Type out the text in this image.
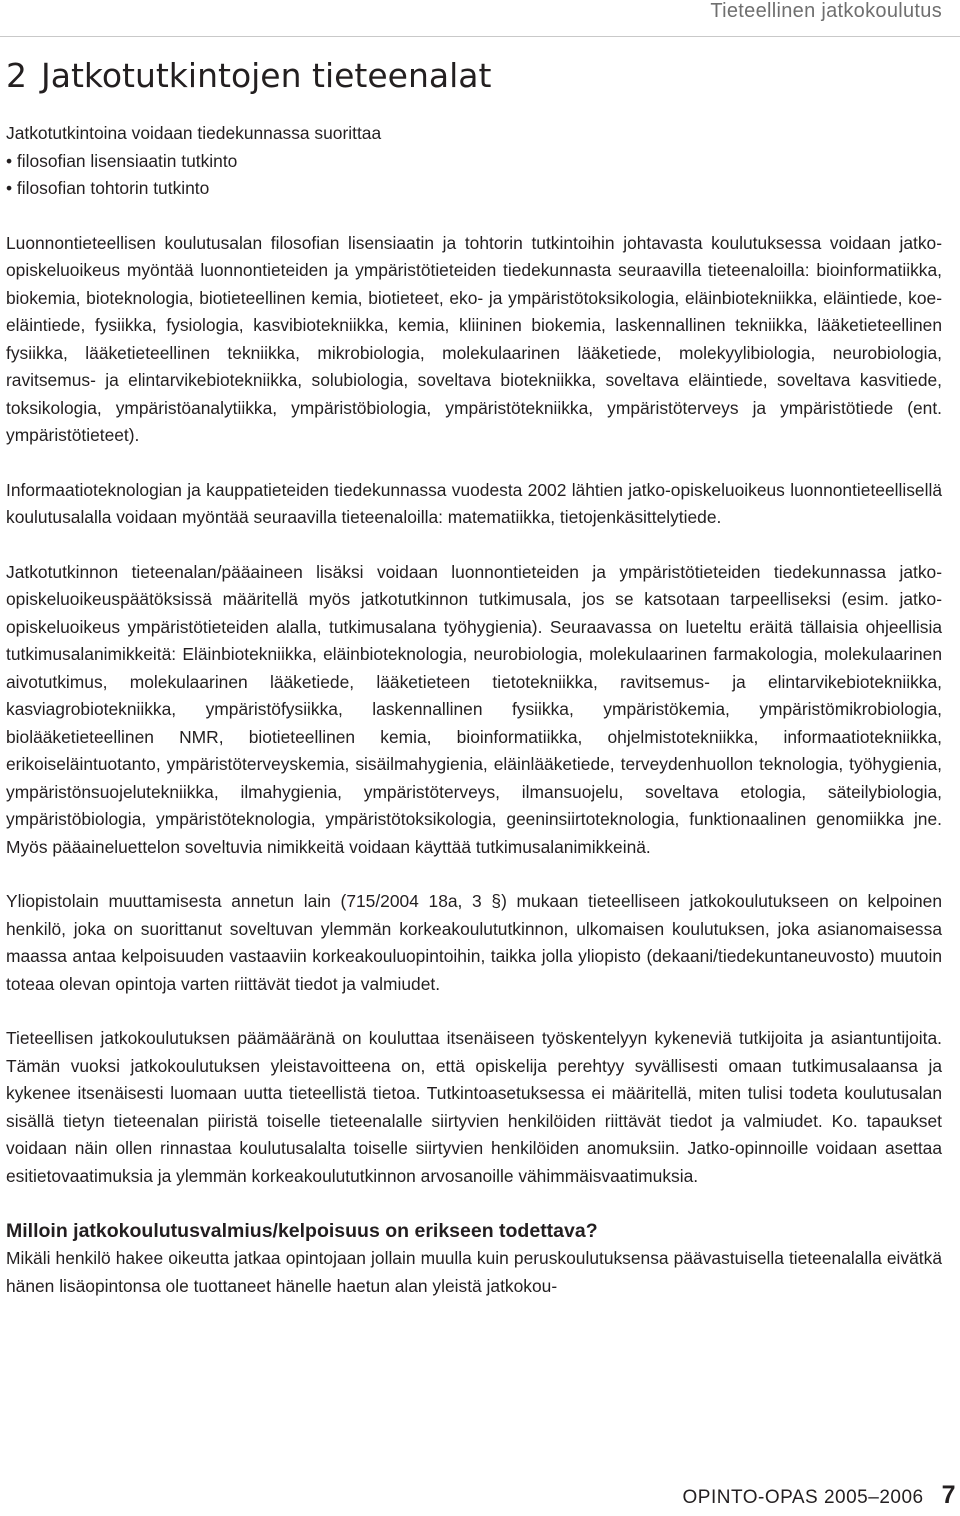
Tieteellinen jatkokoulutus
2 Jatkotutkintojen tieteenalat

Jatkotutkintoina voidaan tiedekunnassa suorittaa

• filosofian lisensiaatin tutkinto
• filosofian tohtorin tutkinto

Luonnontieteellisen koulutusalan filosofian lisensiaatin ja tohtorin tutkintoihin johtavasta koulutuksessa voidaan jatko-opiskeluoikeus myöntää luonnontieteiden ja ympäristötieteiden tiedekunnasta seuraavilla tieteenaloilla: bioinformatiikka, biokemia, bioteknologia, biotieteellinen kemia, biotieteet, eko- ja ympäristötoksikologia, eläinbiotekniikka, eläintiede, koe-eläintiede, fysiikka, fysiologia, kasvibiotekniikka, kemia, kliininen biokemia, laskennallinen tekniikka, lääketieteellinen fysiikka, lääketieteellinen tekniikka, mikrobiologia, molekulaarinen lääketiede, molekyylibiologia, neurobiologia, ravitsemus- ja elintarvikebiotekniikka, solubiologia, soveltava biotekniikka, soveltava eläintiede, soveltava kasvitiede, toksikologia, ympäristöanalytiikka, ympäristöbiologia, ympäristötekniikka, ympäristöterveys ja ympäristötiede (ent. ympäristötieteet).

Informaatioteknologian ja kauppatieteiden tiedekunnassa vuodesta 2002 lähtien jatko-opiskeluoikeus luonnontieteellisellä koulutusalalla voidaan myöntää seuraavilla tieteenaloilla: matematiikka, tietojenkäsittelytiede.

Jatkotutkinnon tieteenalan/pääaineen lisäksi voidaan luonnontieteiden ja ympäristötieteiden tiedekunnassa jatko-opiskeluoikeuspäätöksissä määritellä myös jatkotutkinnon tutkimusala, jos se katsotaan tarpeelliseksi (esim. jatko-opiskeluoikeus ympäristötieteiden alalla, tutkimusalana työhygienia). Seuraavassa on lueteltu eräitä tällaisia ohjeellisia tutkimusalanimikkeitä: Eläinbiotekniikka, eläinbioteknologia, neurobiologia, molekulaarinen farmakologia, molekulaarinen aivotutkimus, molekulaarinen lääketiede, lääketieteen tietotekniikka, ravitsemus- ja elintarvikebiotekniikka, kasviagrobiotekniikka, ympäristöfysiikka, laskennallinen fysiikka, ympäristökemia, ympäristömikrobiologia, biolääketieteellinen NMR, biotieteellinen kemia, bioinformatiikka, ohjelmistotekniikka, informaatiotekniikka, erikoiseläintuotanto, ympäristöterveyskemia, sisäilmahygienia, eläinlääketiede, terveydenhuollon teknologia, työhygienia, ympäristönsuojelutekniikka, ilmahygienia, ympäristöterveys, ilmansuojelu, soveltava etologia, säteilybiologia, ympäristöbiologia, ympäristöteknologia, ympäristötoksikologia, geeninsiirtoteknologia, funktionaalinen genomiikka jne. Myös pääaineluettelon soveltuvia nimikkeitä voidaan käyttää tutkimusalanimikkeinä.

Yliopistolain muuttamisesta annetun lain (715/2004 18a, 3 §) mukaan tieteelliseen jatkokoulutukseen on kelpoinen henkilö, joka on suorittanut soveltuvan ylemmän korkeakoulututkinnon, ulkomaisen koulutuksen, joka asianomaisessa maassa antaa kelpoisuuden vastaaviin korkeakouluopintoihin, taikka jolla yliopisto (dekaani/tiedekuntaneuvosto) muutoin toteaa olevan opintoja varten riittävät tiedot ja valmiudet.

Tieteellisen jatkokoulutuksen päämääränä on kouluttaa itsenäiseen työskentelyyn kykeneviä tutkijoita ja asiantuntijoita. Tämän vuoksi jatkokoulutuksen yleistavoitteena on, että opiskelija perehtyy syvällisesti omaan tutkimusalaansa ja kykenee itsenäisesti luomaan uutta tieteellistä tietoa. Tutkintoasetuksessa ei määritellä, miten tulisi todeta koulutusalan sisällä tietyn tieteenalan piiristä toiselle tieteenalalle siirtyvien henkilöiden riittävät tiedot ja valmiudet. Ko. tapaukset voidaan näin ollen rinnastaa koulutusalalta toiselle siirtyvien henkilöiden anomuksiin. Jatko-opinnoille voidaan asettaa esitietovaatimuksia ja ylemmän korkeakoulututkinnon arvosanoille vähimmäisvaatimuksia.

Milloin jatkokoulutusvalmius/kelpoisuus on erikseen todettava?

Mikäli henkilö hakee oikeutta jatkaa opintojaan jollain muulla kuin peruskoulutuksensa päävastuisella tieteenalalla eivätkä hänen lisäopintonsa ole tuottaneet hänelle haetun alan yleistä jatkokou-

OPINTO-OPAS 2005–2006 7
